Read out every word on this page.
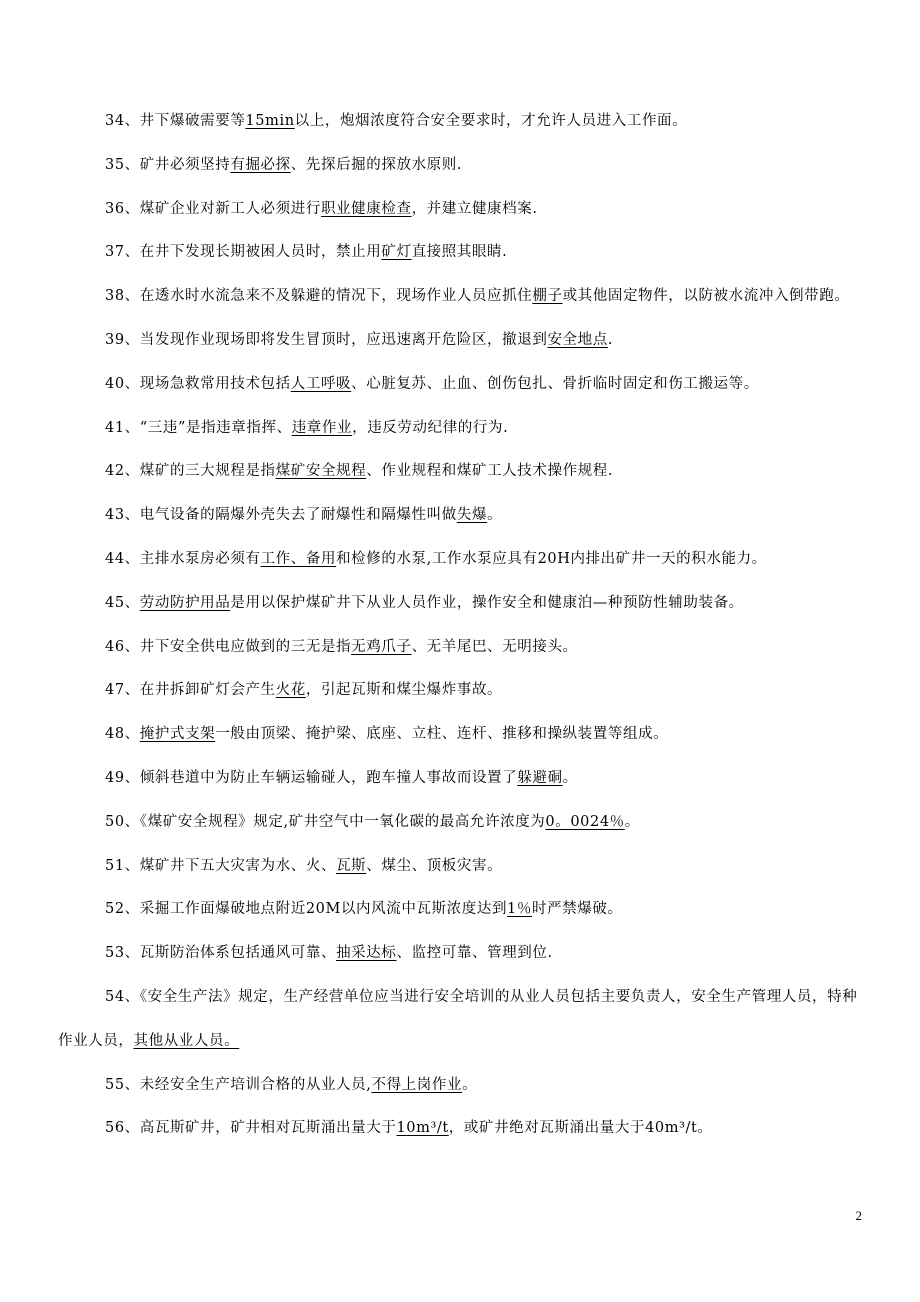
34、井下爆破需要等15min以上，炮烟浓度符合安全要求时，才允许人员进入工作面。

35、矿井必须坚持有掘必探、先探后掘的探放水原则.

36、煤矿企业对新工人必须进行职业健康检查，并建立健康档案.

37、在井下发现长期被困人员时，禁止用矿灯直接照其眼睛.

38、在透水时水流急来不及躲避的情况下，现场作业人员应抓住棚子或其他固定物件，以防被水流冲入倒带跑。

39、当发现作业现场即将发生冒顶时，应迅速离开危险区，撤退到安全地点.

40、现场急救常用技术包括人工呼吸、心脏复苏、止血、创伤包扎、骨折临时固定和伤工搬运等。

41、“三违”是指违章指挥、违章作业，违反劳动纪律的行为.

42、煤矿的三大规程是指煤矿安全规程、作业规程和煤矿工人技术操作规程.

43、电气设备的隔爆外壳失去了耐爆性和隔爆性叫做失爆。

44、主排水泵房必须有工作、备用和检修的水泵,工作水泵应具有20H内排出矿井一天的积水能力。

45、劳动防护用品是用以保护煤矿井下从业人员作业，操作安全和健康泊—种预防性辅助装备。

46、井下安全供电应做到的三无是指无鸡爪子、无羊尾巴、无明接头。

47、在井拆卸矿灯会产生火花，引起瓦斯和煤尘爆炸事故。

48、掩护式支架一般由顶梁、掩护梁、底座、立柱、连杆、推移和操纵装置等组成。

49、倾斜巷道中为防止车辆运输碰人，跑车撞人事故而设置了躲避硐。

50、《煤矿安全规程》规定,矿井空气中一氧化碳的最高允许浓度为0。0024％。

51、煤矿井下五大灾害为水、火、瓦斯、煤尘、顶板灾害。

52、采掘工作面爆破地点附近20M以内风流中瓦斯浓度达到1％时严禁爆破。

53、瓦斯防治体系包括通风可靠、抽采达标、监控可靠、管理到位.

54、《安全生产法》规定，生产经营单位应当进行安全培训的从业人员包括主要负责人，安全生产管理人员，特种作业人员，其他从业人员。

55、未经安全生产培训合格的从业人员,不得上岗作业。

56、高瓦斯矿井，矿井相对瓦斯涌出量大于10m³/t，或矿井绝对瓦斯涌出量大于40m³/t。

2
